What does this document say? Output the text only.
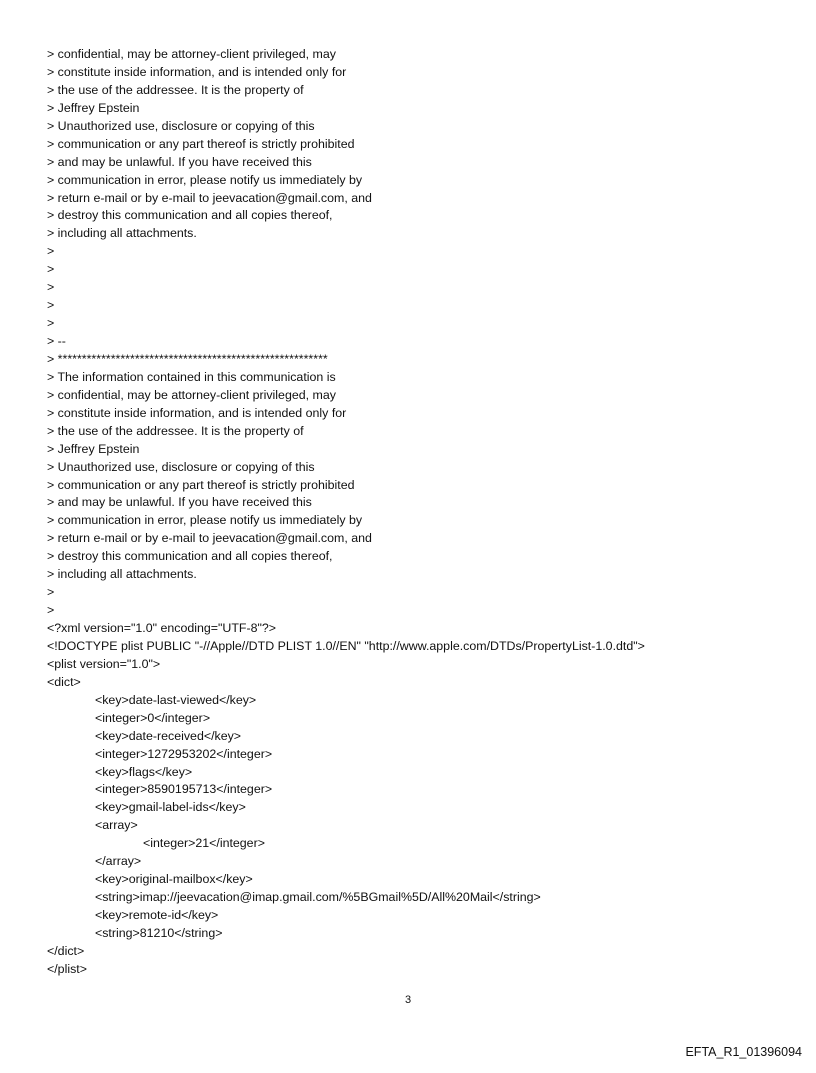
> confidential, may be attorney-client privileged, may
> constitute inside information, and is intended only for
> the use of the addressee. It is the property of
> Jeffrey Epstein
> Unauthorized use, disclosure or copying of this
> communication or any part thereof is strictly prohibited
> and may be unlawful. If you have received this
> communication in error, please notify us immediately by
> return e-mail or by e-mail to jeevacation@gmail.com, and
> destroy this communication and all copies thereof,
> including all attachments.
>
>
>
>
>
> --
> ********************************************************
> The information contained in this communication is
> confidential, may be attorney-client privileged, may
> constitute inside information, and is intended only for
> the use of the addressee. It is the property of
> Jeffrey Epstein
> Unauthorized use, disclosure or copying of this
> communication or any part thereof is strictly prohibited
> and may be unlawful. If you have received this
> communication in error, please notify us immediately by
> return e-mail or by e-mail to jeevacation@gmail.com, and
> destroy this communication and all copies thereof,
> including all attachments.
>
>
<?xml version="1.0" encoding="UTF-8"?>
<!DOCTYPE plist PUBLIC "-//Apple//DTD PLIST 1.0//EN" "http://www.apple.com/DTDs/PropertyList-1.0.dtd">
<plist version="1.0">
<dict>
<key>date-last-viewed</key>
<integer>0</integer>
<key>date-received</key>
<integer>1272953202</integer>
<key>flags</key>
<integer>8590195713</integer>
<key>gmail-label-ids</key>
<array>
<integer>21</integer>
</array>
<key>original-mailbox</key>
<string>imap://jeevacation@imap.gmail.com/%5BGmail%5D/All%20Mail</string>
<key>remote-id</key>
<string>81210</string>
</dict>
</plist>
3
EFTA_R1_01396094
